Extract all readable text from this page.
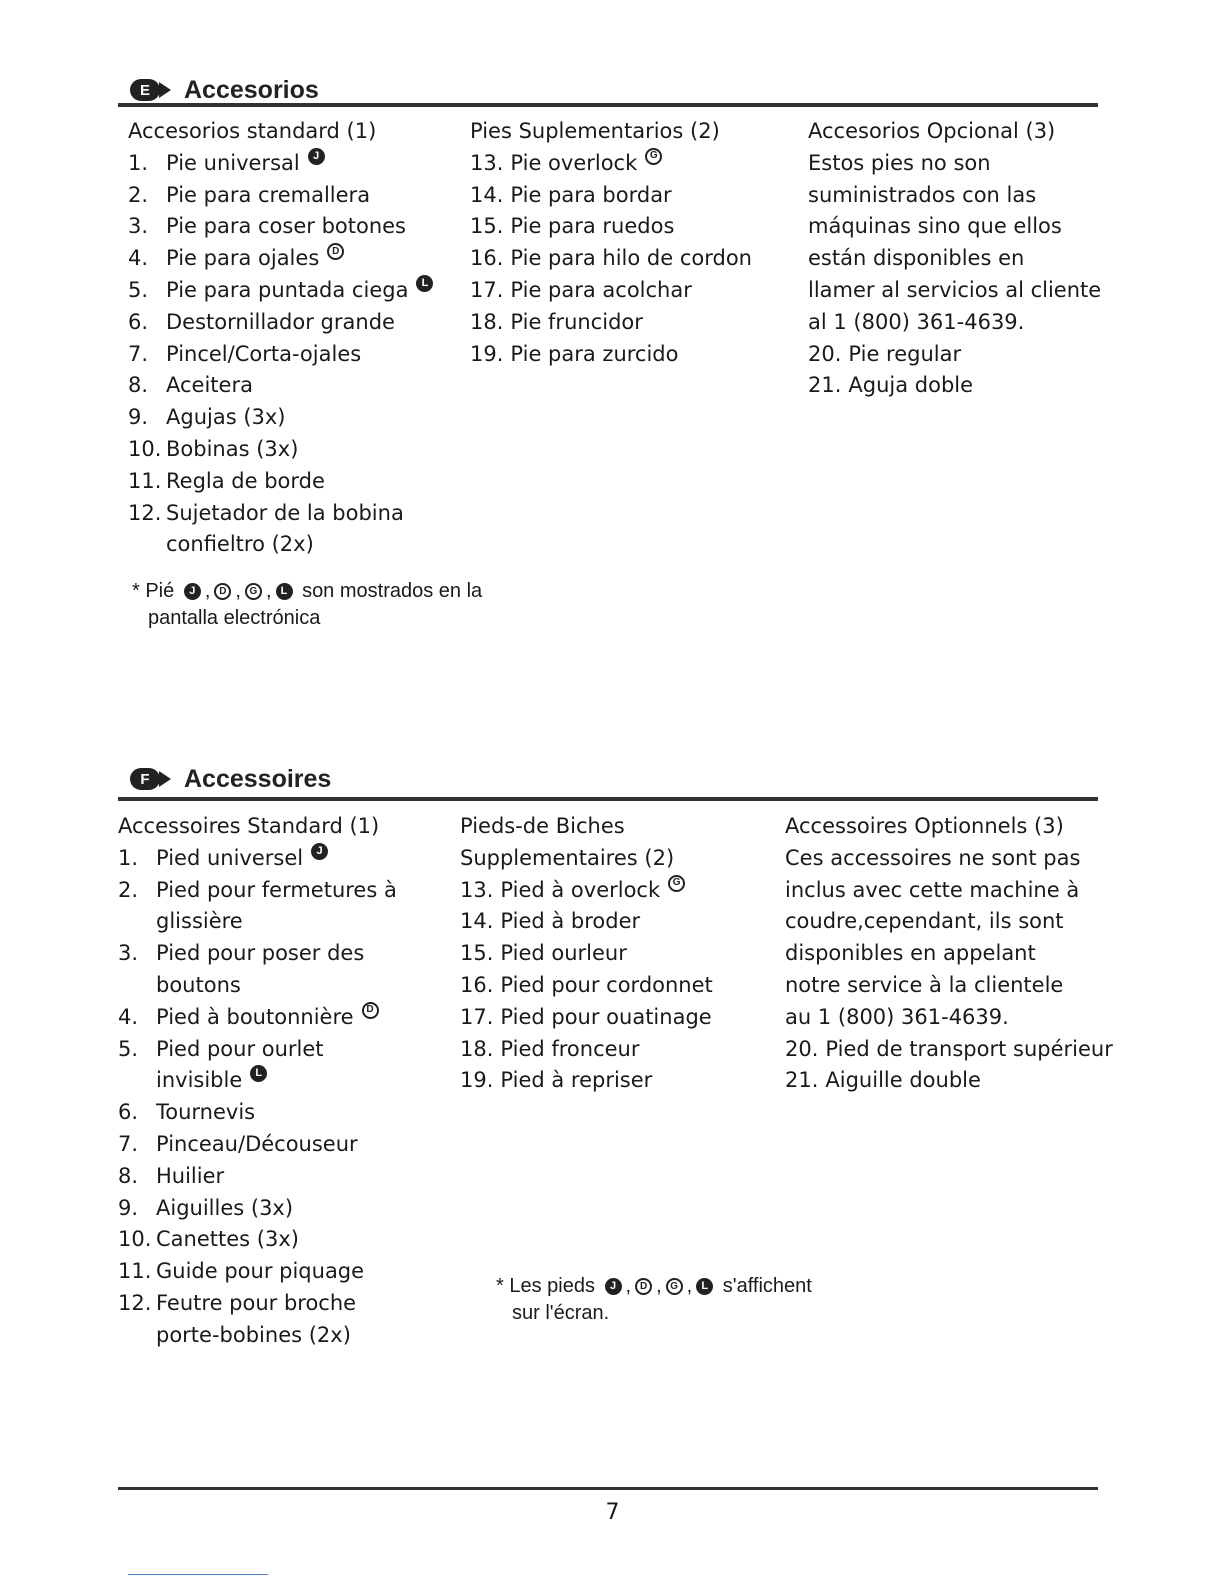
E	Accesorios
Accesorios standard (1)
1. Pie universal	J
2. Pie para cremallera
3. Pie para coser botones
4. Pie para ojales	D
5. Pie para puntada ciega	L
6. Destornillador grande
7. Pincel/Corta-ojales
8. Aceitera
9. Agujas (3x)
10. Bobinas (3x)
11. Regla de borde
12. Sujetador de la bobina
confieltro (2x)
Pies Suplementarios (2)
13. Pie overlock	G
14. Pie para bordar
15. Pie para ruedos
16. Pie para hilo de cordon
17. Pie para acolchar
18. Pie fruncidor
19. Pie para zurcido
Accesorios Opcional (3)
Estos pies no son
suministrados con las
máquinas sino que ellos
están disponibles en
llamer al servicios al cliente
al 1 (800) 361-4639.
20. Pie regular
21. Aguja doble
* Pié J , D , G , L son mostrados en la
pantalla electrónica
F	Accessoires
Accessoires Standard (1)
1. Pied universel	J
2. Pied pour fermetures à
glissière
3. Pied pour poser des
boutons
4. Pied à boutonnière	D
5. Pied pour ourlet
invisible	L
6. Tournevis
7. Pinceau/Découseur
8. Huilier
9. Aiguilles (3x)
10. Canettes (3x)
11. Guide pour piquage
12. Feutre pour broche
porte-bobines (2x)
Pieds-de Biches
Supplementaires (2)
13. Pied à overlock	G
14. Pied à broder
15. Pied ourleur
16. Pied pour cordonnet
17. Pied pour ouatinage
18. Pied fronceur
19. Pied à repriser
Accessoires Optionnels (3)
Ces accessoires ne sont pas
inclus avec cette machine à
coudre,cependant, ils sont
disponibles en appelant
notre service à la clientele
au 1 (800) 361-4639.
20. Pied de transport supérieur
21. Aiguille double
* Les pieds J , D , G , L s'affichent
sur l'écran.
7
